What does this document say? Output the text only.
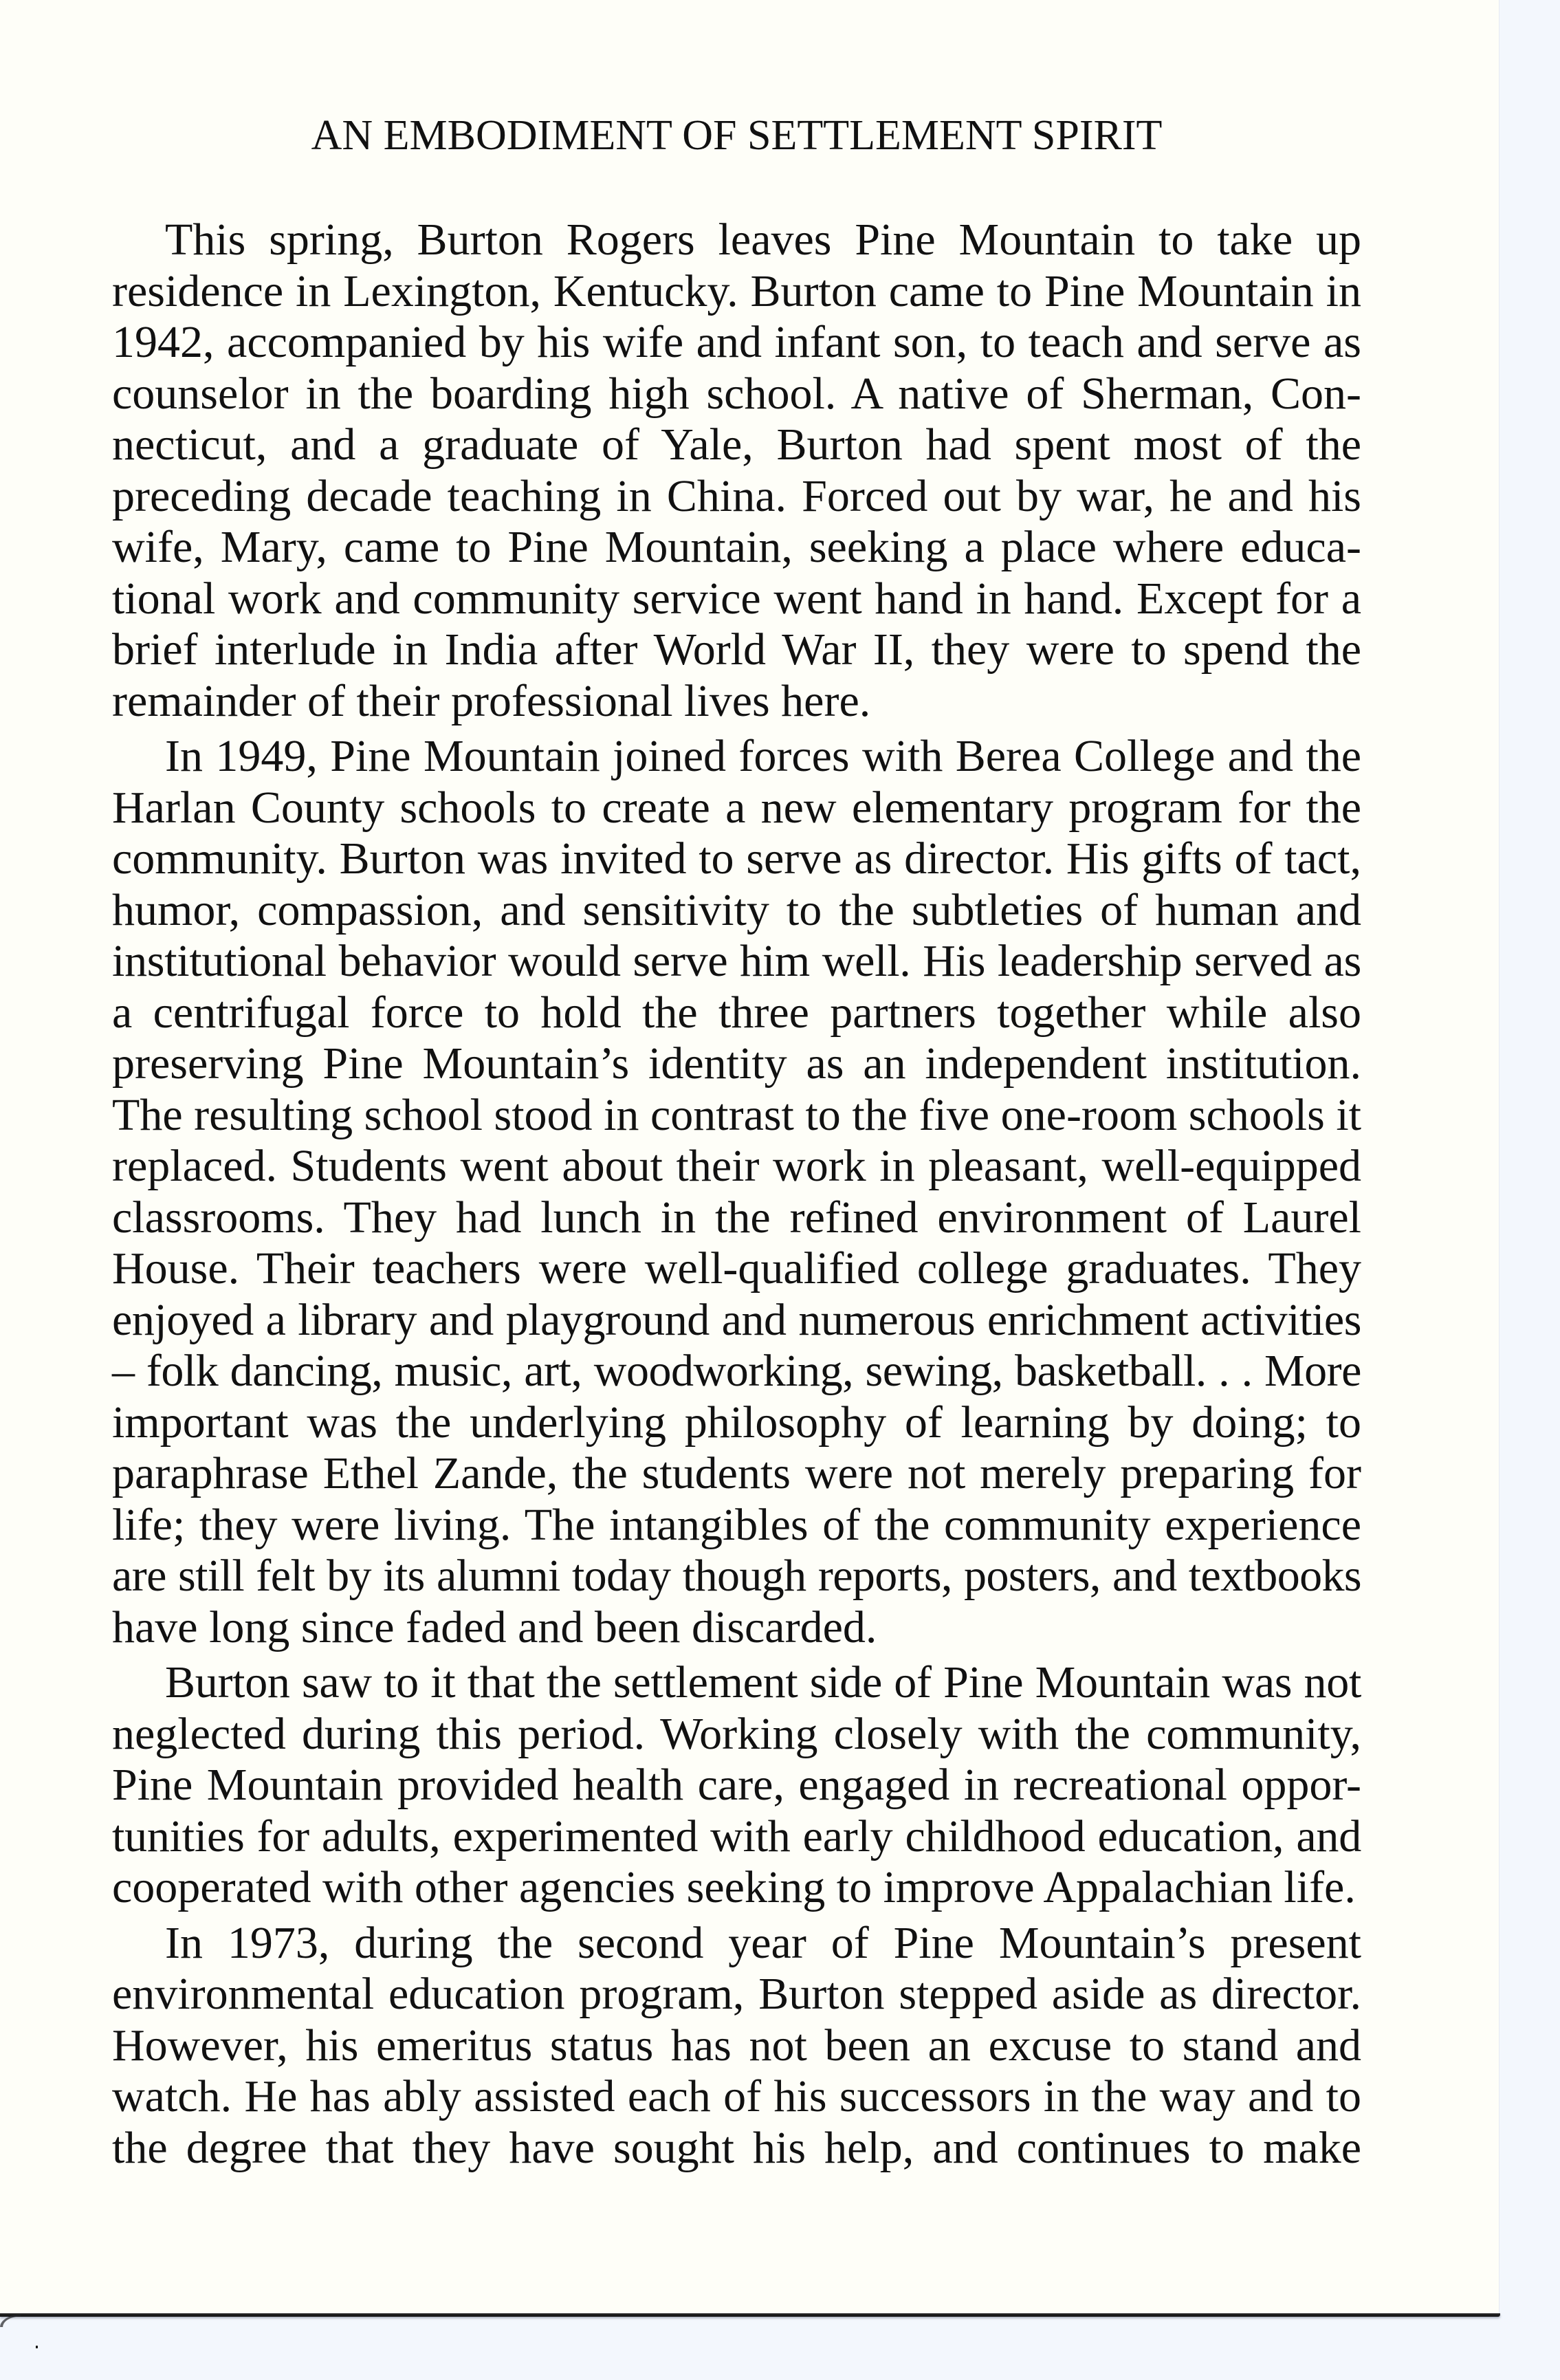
AN EMBODIMENT OF SETTLEMENT SPIRIT
This spring, Burton Rogers leaves Pine Mountain to take up
residence in Lexington, Kentucky. Burton came to Pine Mountain in
1942, accompanied by his wife and infant son, to teach and serve as
counselor in the boarding high school. A native of Sherman, Con-
necticut, and a graduate of Yale, Burton had spent most of the
preceding decade teaching in China. Forced out by war, he and his
wife, Mary, came to Pine Mountain, seeking a place where educa-
tional work and community service went hand in hand. Except for a
brief interlude in India after World War II, they were to spend the
remainder of their professional lives here.
In 1949, Pine Mountain joined forces with Berea College and the
Harlan County schools to create a new elementary program for the
community. Burton was invited to serve as director. His gifts of tact,
humor, compassion, and sensitivity to the subtleties of human and
institutional behavior would serve him well. His leadership served as
a centrifugal force to hold the three partners together while also
preserving Pine Mountain’s identity as an independent institution.
The resulting school stood in contrast to the five one-room schools it
replaced. Students went about their work in pleasant, well-equipped
classrooms. They had lunch in the refined environment of Laurel
House. Their teachers were well-qualified college graduates. They
enjoyed a library and playground and numerous enrichment activities
– folk dancing, music, art, woodworking, sewing, basketball. . . More
important was the underlying philosophy of learning by doing; to
paraphrase Ethel Zande, the students were not merely preparing for
life; they were living. The intangibles of the community experience
are still felt by its alumni today though reports, posters, and textbooks
have long since faded and been discarded.
Burton saw to it that the settlement side of Pine Mountain was not
neglected during this period. Working closely with the community,
Pine Mountain provided health care, engaged in recreational oppor-
tunities for adults, experimented with early childhood education, and
cooperated with other agencies seeking to improve Appalachian life.
In 1973, during the second year of Pine Mountain’s present
environmental education program, Burton stepped aside as director.
However, his emeritus status has not been an excuse to stand and
watch. He has ably assisted each of his successors in the way and to
the degree that they have sought his help, and continues to make
